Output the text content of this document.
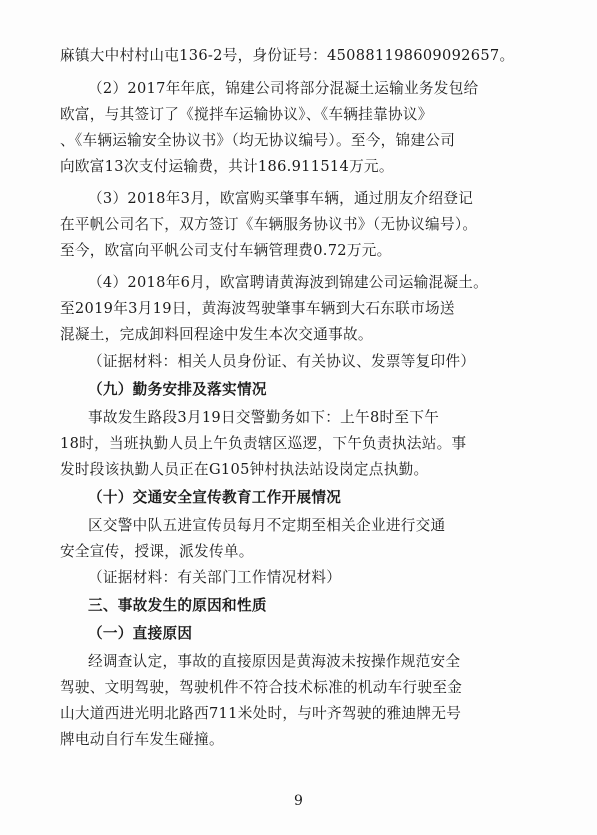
麻镇大中村村山屯136-2号，身份证号：450881198609092657。
（2）2017年年底，锦建公司将部分混凝土运输业务发包给
欧富，与其签订了《搅拌车运输协议》、《车辆挂靠协议》
、《车辆运输安全协议书》（均无协议编号）。至今，锦建公司
向欧富13次支付运输费，共计186.911514万元。
（3）2018年3月，欧富购买肇事车辆，通过朋友介绍登记
在平帆公司名下，双方签订《车辆服务协议书》（无协议编号）。
至今，欧富向平帆公司支付车辆管理费0.72万元。
（4）2018年6月，欧富聘请黄海波到锦建公司运输混凝土。
至2019年3月19日，黄海波驾驶肇事车辆到大石东联市场送
混凝土，完成卸料回程途中发生本次交通事故。
（证据材料：相关人员身份证、有关协议、发票等复印件）
（九）勤务安排及落实情况
事故发生路段3月19日交警勤务如下：上午8时至下午
18时，当班执勤人员上午负责辖区巡逻，下午负责执法站。事
发时段该执勤人员正在G105钟村执法站设岗定点执勤。
（十）交通安全宣传教育工作开展情况
区交警中队五进宣传员每月不定期至相关企业进行交通
安全宣传，授课，派发传单。
（证据材料：有关部门工作情况材料）
三、事故发生的原因和性质
（一）直接原因
经调查认定，事故的直接原因是黄海波未按操作规范安全
驾驶、文明驾驶，驾驶机件不符合技术标准的机动车行驶至金
山大道西进光明北路西711米处时，与叶齐驾驶的雅迪牌无号
牌电动自行车发生碰撞。
9
